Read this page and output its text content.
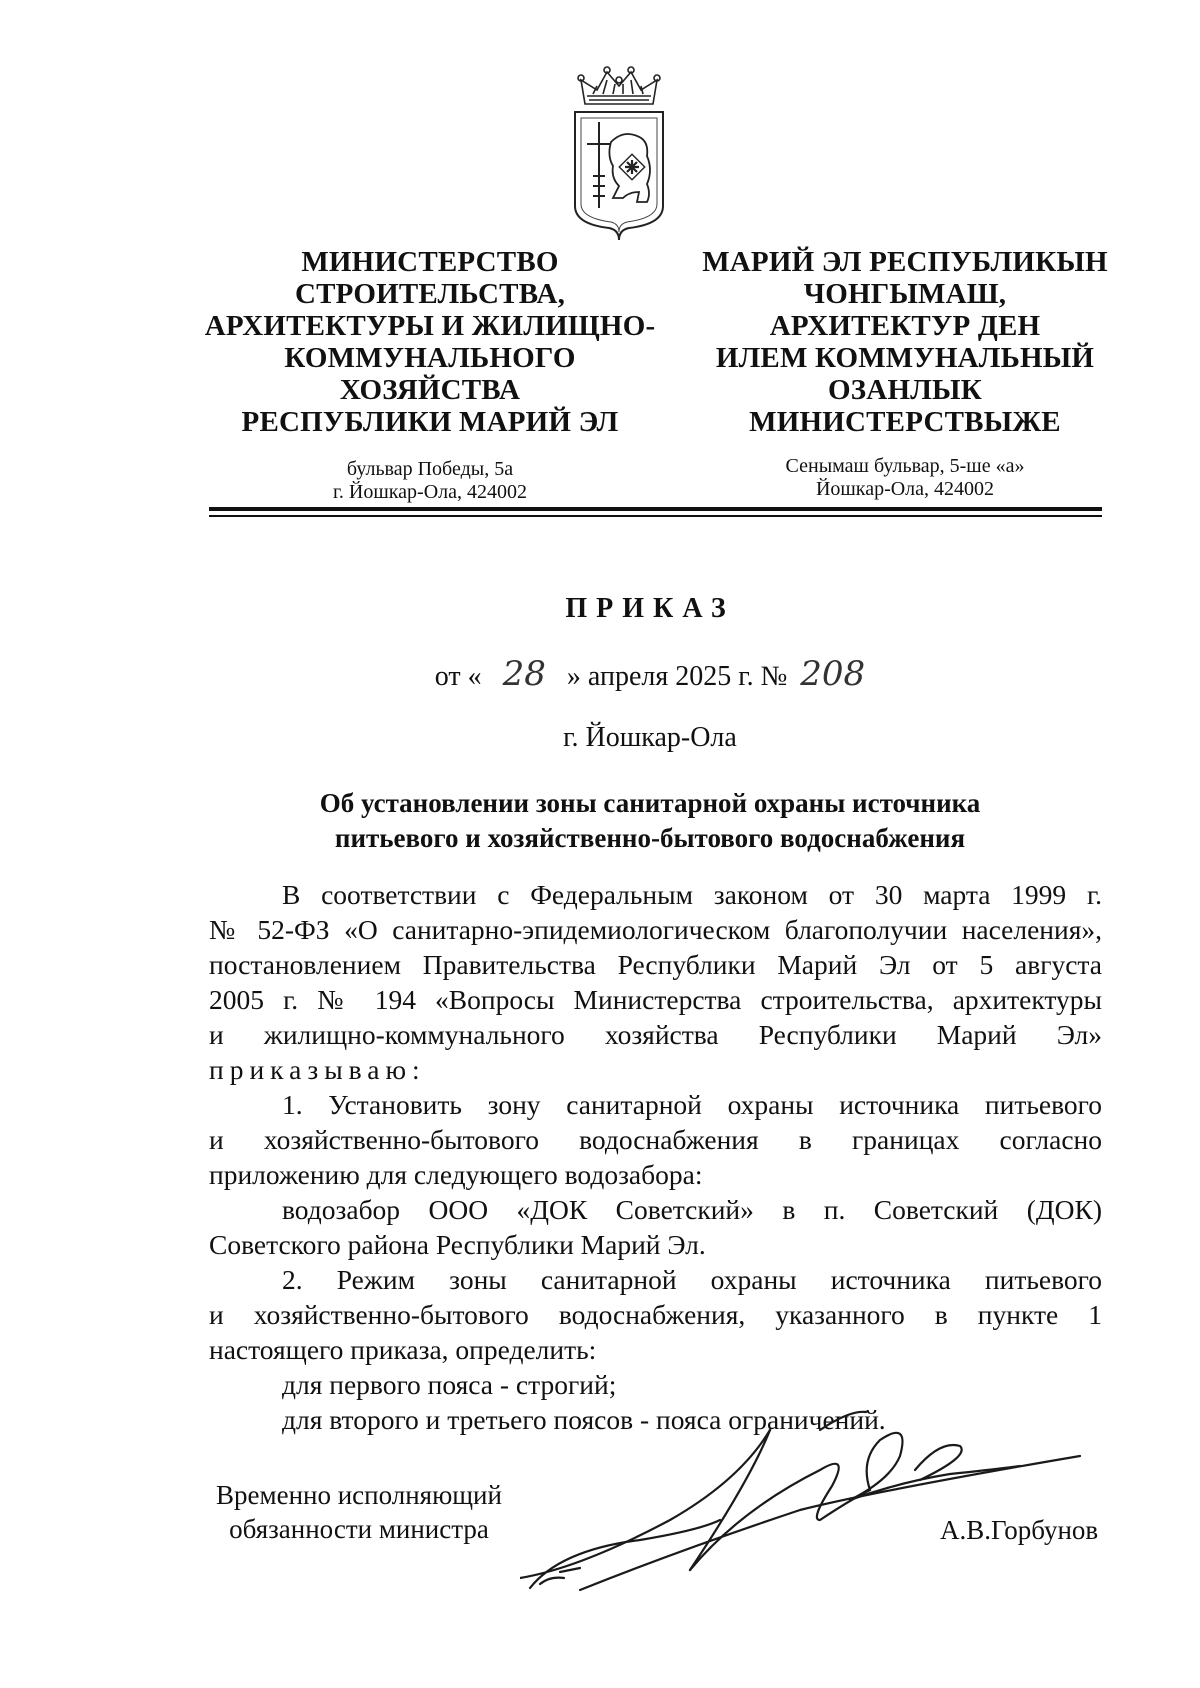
МИНИСТЕРСТВО
СТРОИТЕЛЬСТВА,
АРХИТЕКТУРЫ И ЖИЛИЩНО-
КОММУНАЛЬНОГО
ХОЗЯЙСТВА
РЕСПУБЛИКИ МАРИЙ ЭЛ
МАРИЙ ЭЛ РЕСПУБЛИКЫН
ЧОНГЫМАШ,
АРХИТЕКТУР ДЕН
ИЛЕМ КОММУНАЛЬНЫЙ
ОЗАНЛЫК
МИНИСТЕРСТВЫЖЕ
бульвар Победы, 5а
г. Йошкар-Ола, 424002
Сенымаш бульвар, 5-ше «а»
Йошкар-Ола, 424002
ПРИКАЗ
от « 28 » апреля 2025 г. № 208
г. Йошкар-Ола
Об установлении зоны санитарной охраны источника
питьевого и хозяйственно-бытового водоснабжения
В соответствии с Федеральным законом от 30 марта 1999 г.
№ 52-ФЗ «О санитарно-эпидемиологическом благополучии населения»,
постановлением Правительства Республики Марий Эл от 5 августа
2005 г. № 194 «Вопросы Министерства строительства, архитектуры
и жилищно-коммунального хозяйства Республики Марий Эл»
приказываю:
1. Установить зону санитарной охраны источника питьевого
и хозяйственно-бытового водоснабжения в границах согласно
приложению для следующего водозабора:
водозабор ООО «ДОК Советский» в п. Советский (ДОК)
Советского района Республики Марий Эл.
2. Режим зоны санитарной охраны источника питьевого
и хозяйственно-бытового водоснабжения, указанного в пункте 1
настоящего приказа, определить:
для первого пояса - строгий;
для второго и третьего поясов - пояса ограничений.
Временно исполняющий
обязанности министра	А.В.Горбунов
